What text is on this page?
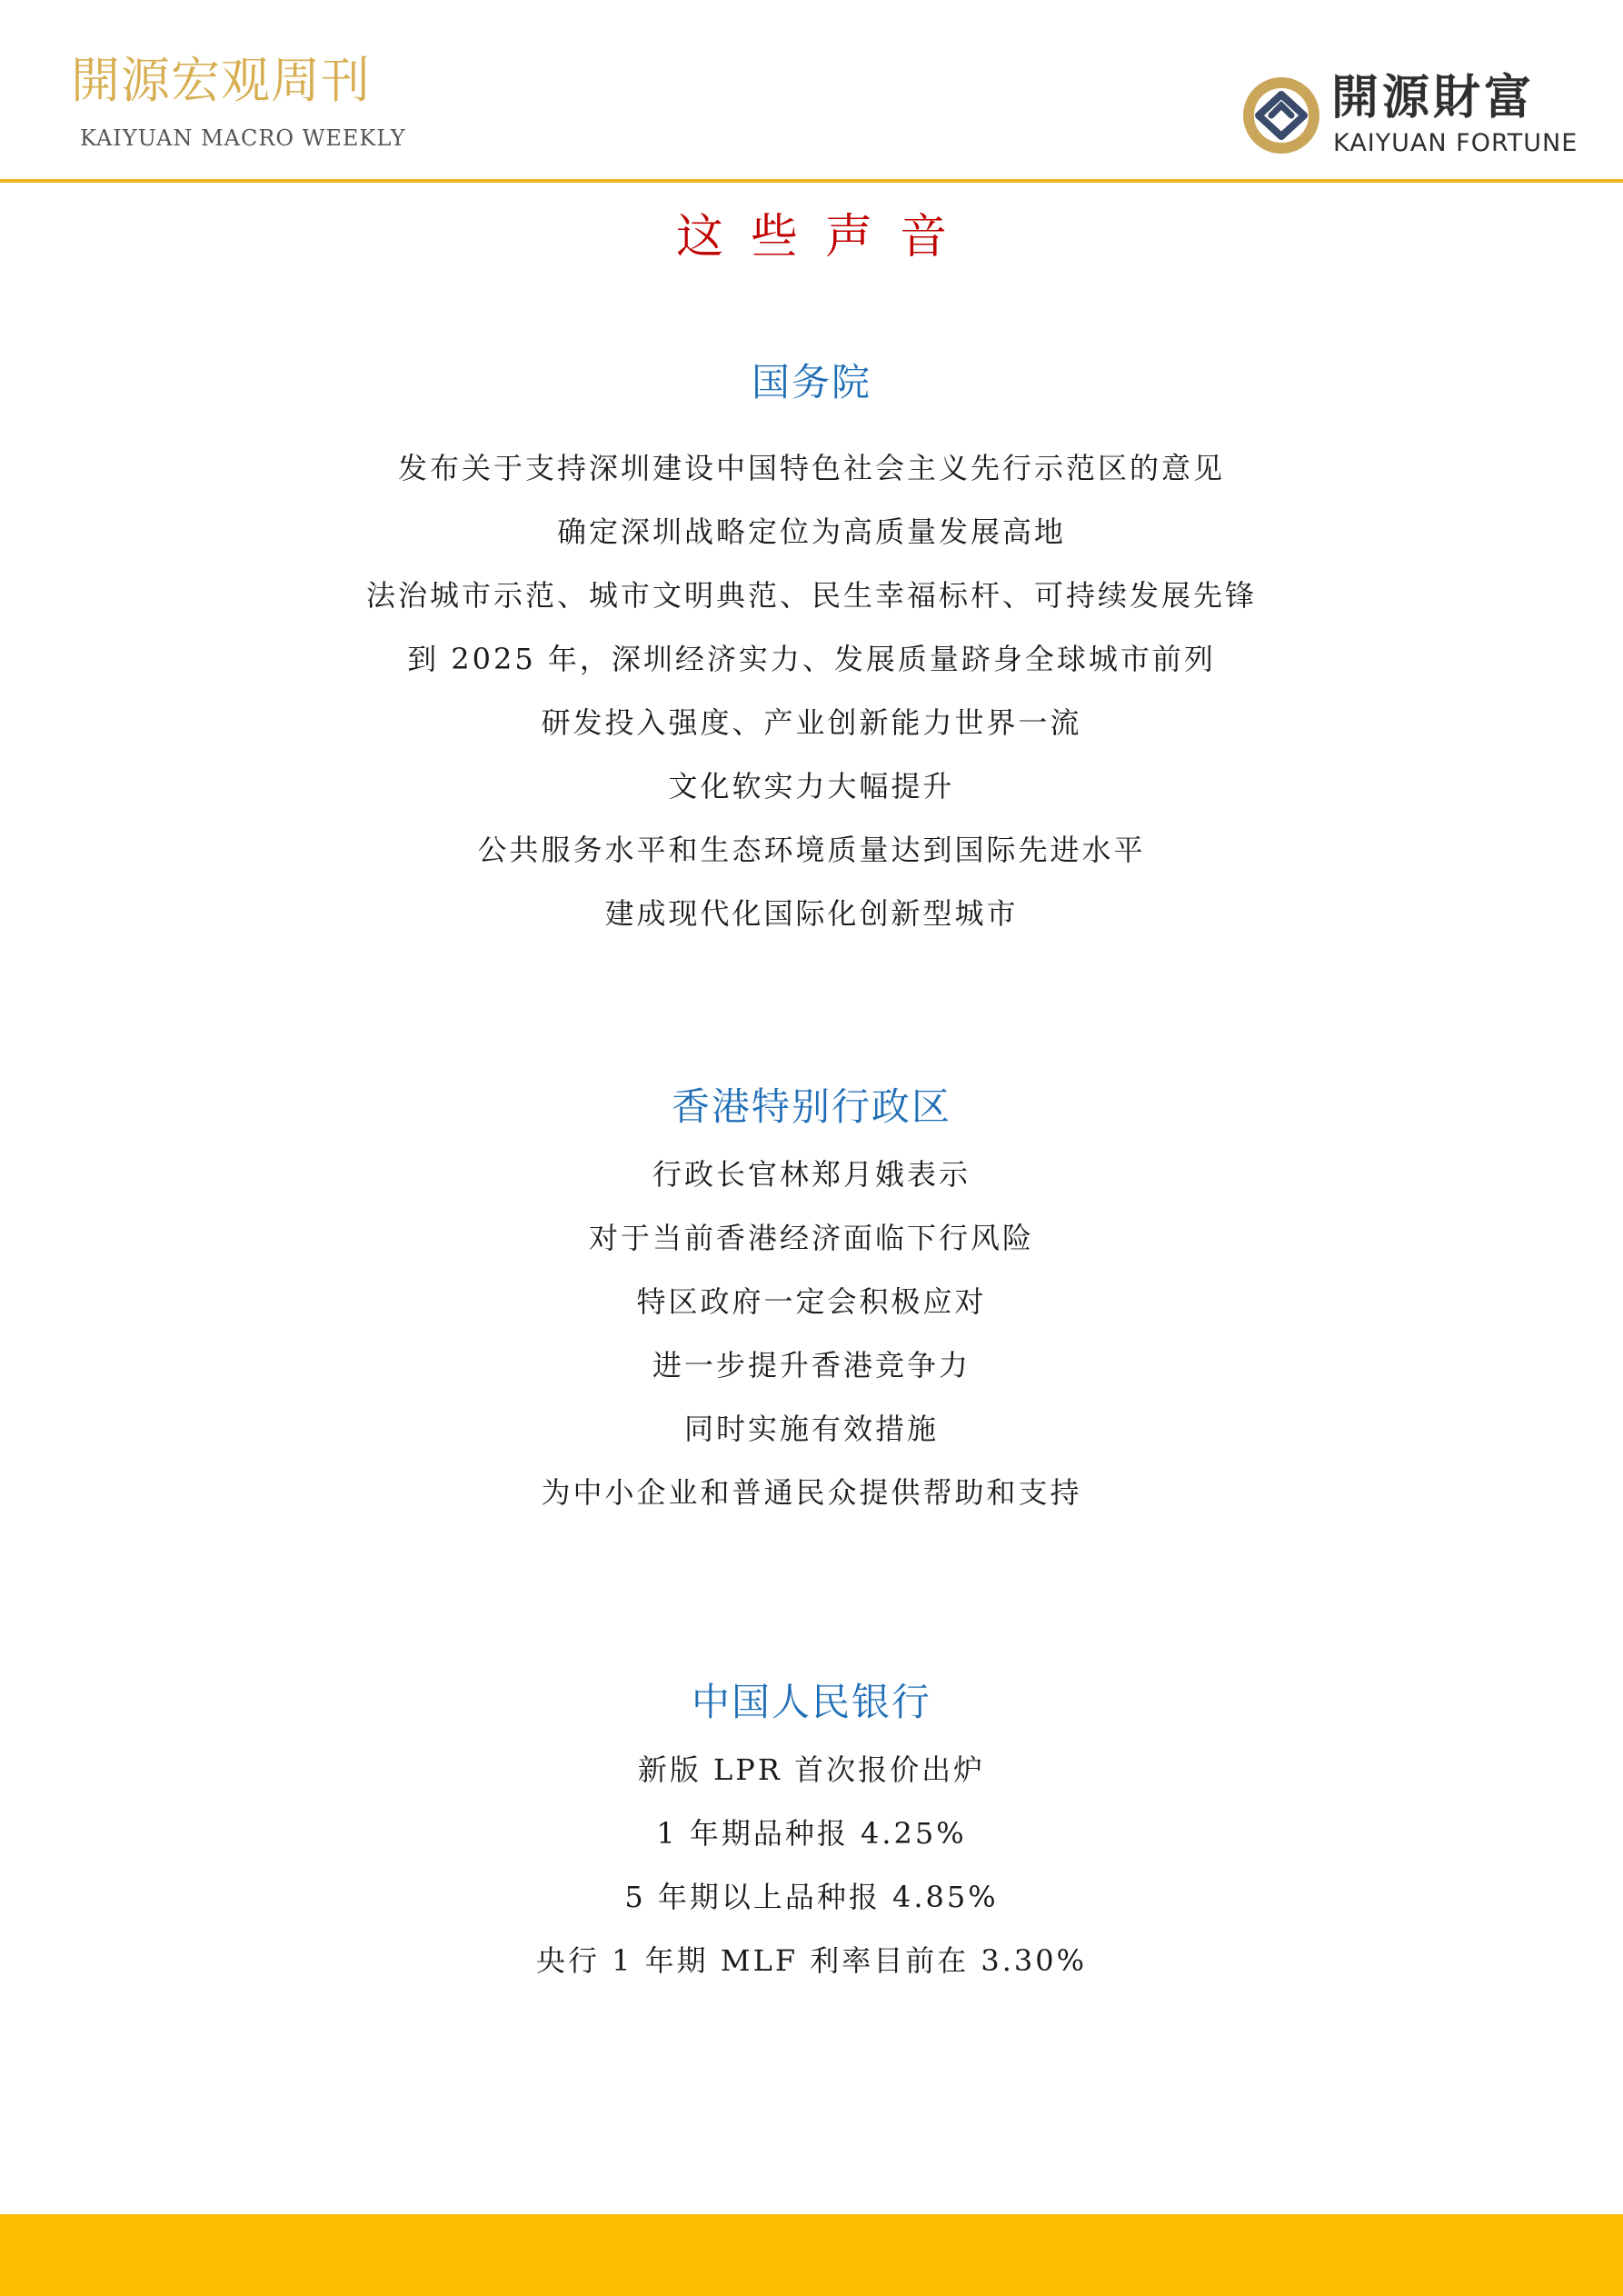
開源宏观周刊
KAIYUAN MACRO WEEKLY
開源財富
KAIYUAN FORTUNE
这些声音
国务院
发布关于支持深圳建设中国特色社会主义先行示范区的意见
确定深圳战略定位为高质量发展高地
法治城市示范、城市文明典范、民生幸福标杆、可持续发展先锋
到 2025 年，深圳经济实力、发展质量跻身全球城市前列
研发投入强度、产业创新能力世界一流
文化软实力大幅提升
公共服务水平和生态环境质量达到国际先进水平
建成现代化国际化创新型城市
香港特别行政区
行政长官林郑月娥表示
对于当前香港经济面临下行风险
特区政府一定会积极应对
进一步提升香港竞争力
同时实施有效措施
为中小企业和普通民众提供帮助和支持
中国人民银行
新版 LPR 首次报价出炉
1 年期品种报 4.25%
5 年期以上品种报 4.85%
央行 1 年期 MLF 利率目前在 3.30%
